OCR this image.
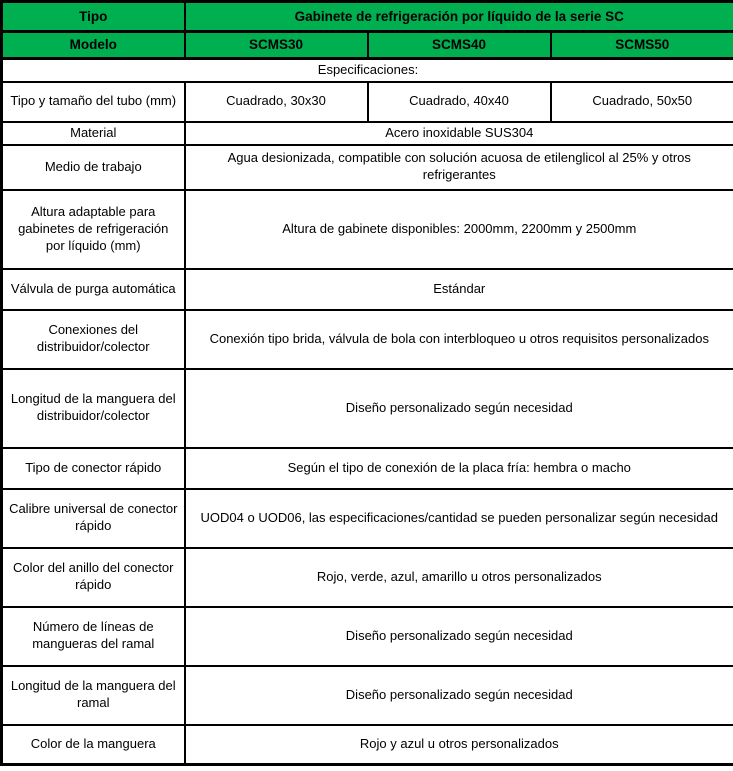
Tipo	Gabinete de refrigeración por líquido de la serie SC		
Modelo	SCMS30	SCMS40	SCMS50
Especificaciones:			
Tipo y tamaño del tubo (mm)	Cuadrado, 30x30	Cuadrado, 40x40	Cuadrado, 50x50
Material	Acero inoxidable SUS304		
Medio de trabajo	Agua desionizada, compatible con solución acuosa de etilenglicol al 25% y otros refrigerantes		
Altura adaptable para gabinetes de refrigeración por líquido (mm)	Altura de gabinete disponibles: 2000mm, 2200mm y 2500mm		
Válvula de purga automática	Estándar		
Conexiones del distribuidor/colector	Conexión tipo brida, válvula de bola con interbloqueo u otros requisitos personalizados		
Longitud de la manguera del distribuidor/colector	Diseño personalizado según necesidad		
Tipo de conector rápido	Según el tipo de conexión de la placa fría: hembra o macho		
Calibre universal de conector rápido	UOD04 o UOD06, las especificaciones/cantidad se pueden personalizar según necesidad		
Color del anillo del conector rápido	Rojo, verde, azul, amarillo u otros personalizados		
Número de líneas de mangueras del ramal	Diseño personalizado según necesidad		
Longitud de la manguera del ramal	Diseño personalizado según necesidad		
Color de la manguera	Rojo y azul u otros personalizados		
